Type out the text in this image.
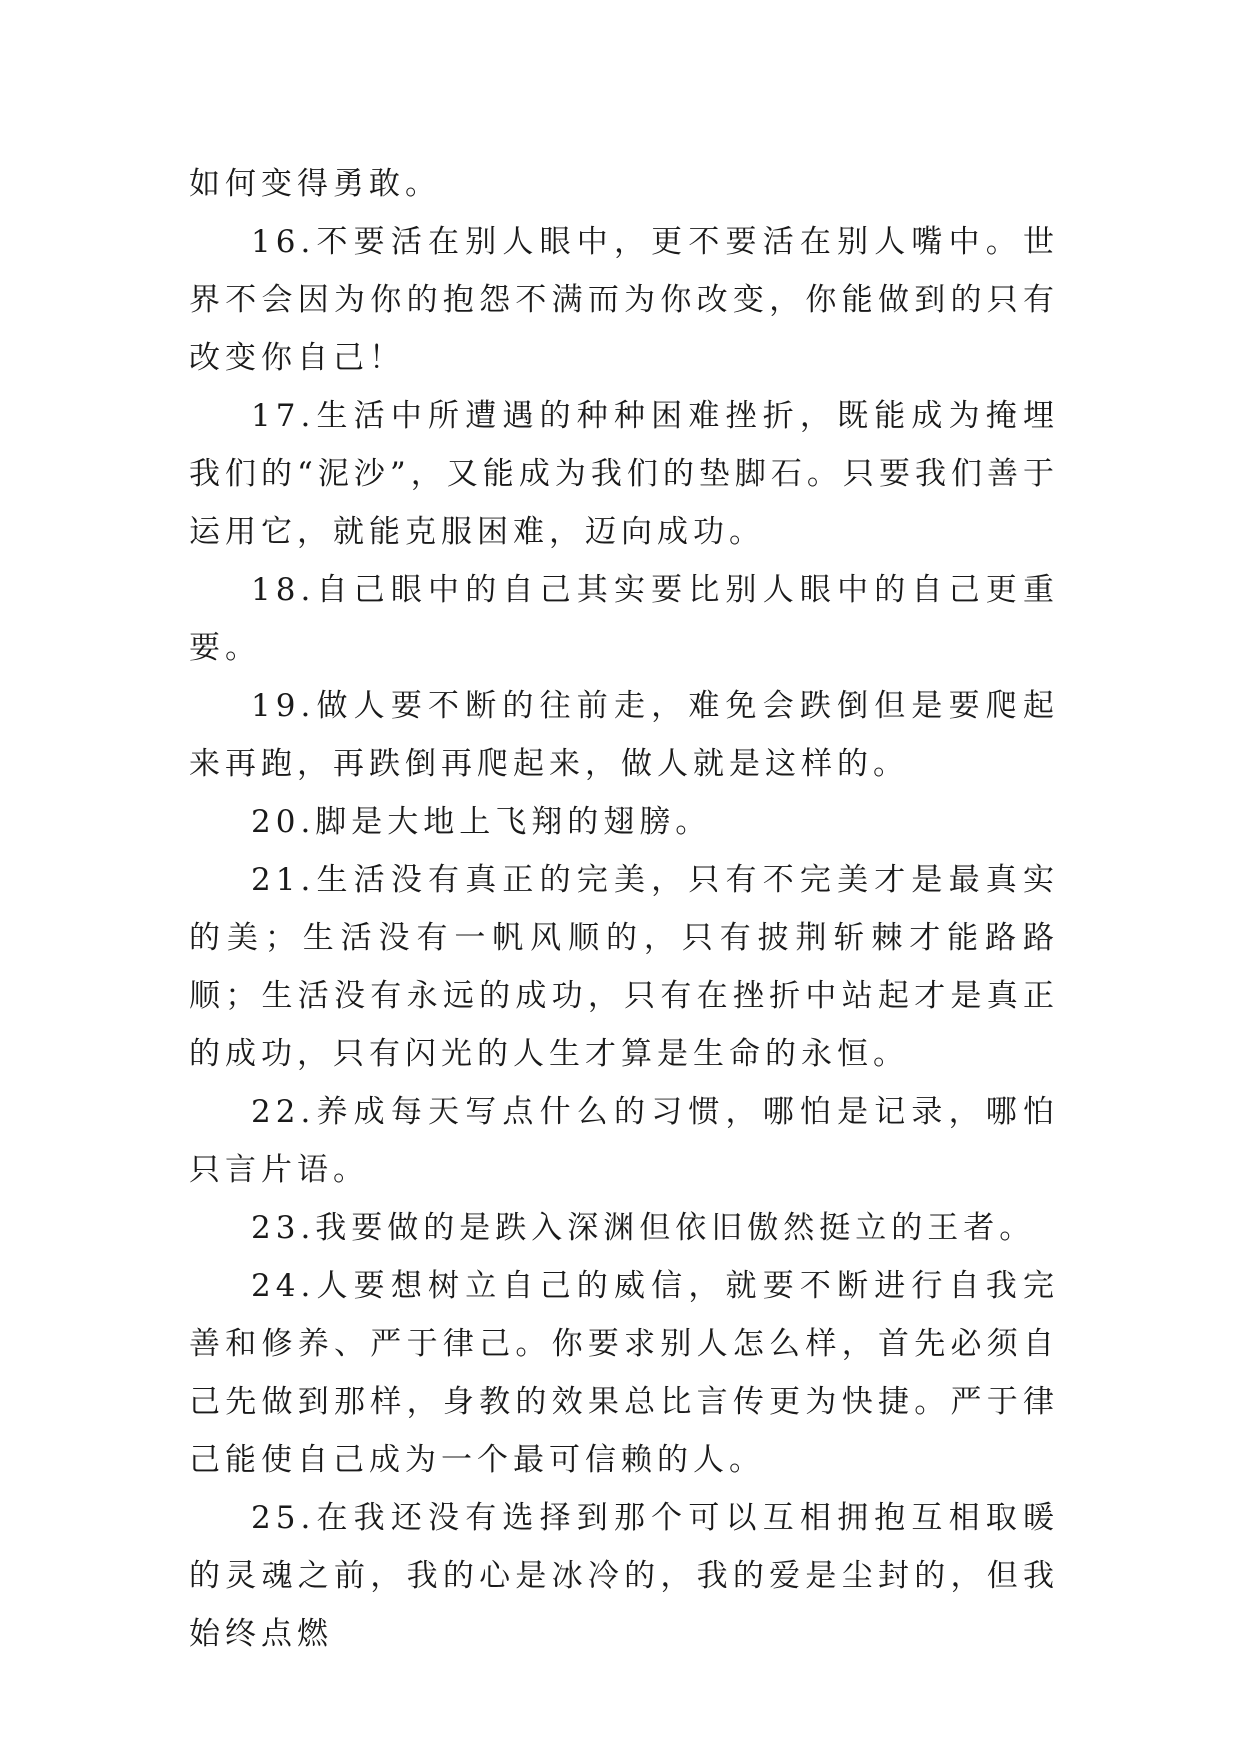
如何变得勇敢。

16.不要活在别人眼中，更不要活在别人嘴中。世界不会因为你的抱怨不满而为你改变，你能做到的只有改变你自己！

17.生活中所遭遇的种种困难挫折，既能成为掩埋我们的“泥沙”，又能成为我们的垫脚石。只要我们善于运用它，就能克服困难，迈向成功。

18.自己眼中的自己其实要比别人眼中的自己更重要。

19.做人要不断的往前走，难免会跌倒但是要爬起来再跑，再跌倒再爬起来，做人就是这样的。

20.脚是大地上飞翔的翅膀。

21.生活没有真正的完美，只有不完美才是最真实的美；生活没有一帆风顺的，只有披荆斩棘才能路路顺；生活没有永远的成功，只有在挫折中站起才是真正的成功，只有闪光的人生才算是生命的永恒。

22.养成每天写点什么的习惯，哪怕是记录，哪怕只言片语。

23.我要做的是跌入深渊但依旧傲然挺立的王者。

24.人要想树立自己的威信，就要不断进行自我完善和修养、严于律己。你要求别人怎么样，首先必须自己先做到那样，身教的效果总比言传更为快捷。严于律己能使自己成为一个最可信赖的人。

25.在我还没有选择到那个可以互相拥抱互相取暖的灵魂之前，我的心是冰冷的，我的爱是尘封的，但我始终点燃
